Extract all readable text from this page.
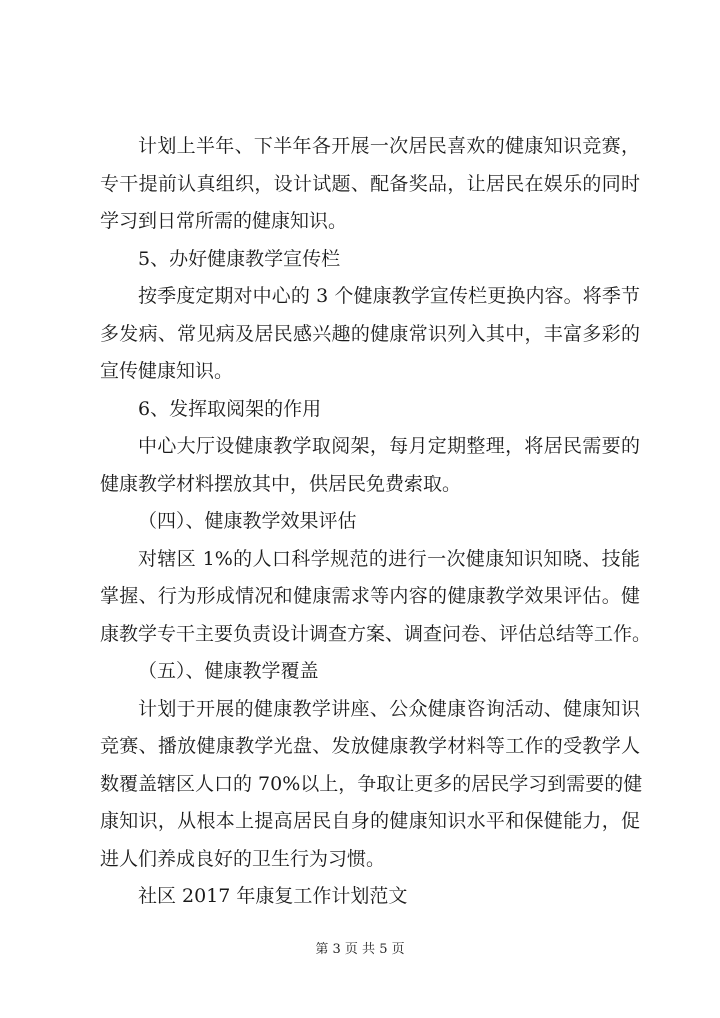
计划上半年、下半年各开展一次居民喜欢的健康知识竞赛，
专干提前认真组织，设计试题、配备奖品，让居民在娱乐的同时
学习到日常所需的健康知识。
5、办好健康教学宣传栏
按季度定期对中心的 3 个健康教学宣传栏更换内容。将季节
多发病、常见病及居民感兴趣的健康常识列入其中，丰富多彩的
宣传健康知识。
6、发挥取阅架的作用
中心大厅设健康教学取阅架，每月定期整理，将居民需要的
健康教学材料摆放其中，供居民免费索取。
（四）、健康教学效果评估
对辖区 1%的人口科学规范的进行一次健康知识知晓、技能
掌握、行为形成情况和健康需求等内容的健康教学效果评估。健
康教学专干主要负责设计调查方案、调查问卷、评估总结等工作。
（五）、健康教学覆盖
计划于开展的健康教学讲座、公众健康咨询活动、健康知识
竞赛、播放健康教学光盘、发放健康教学材料等工作的受教学人
数覆盖辖区人口的 70%以上，争取让更多的居民学习到需要的健
康知识，从根本上提高居民自身的健康知识水平和保健能力，促
进人们养成良好的卫生行为习惯。
社区 2017 年康复工作计划范文
第 3 页 共 5 页
